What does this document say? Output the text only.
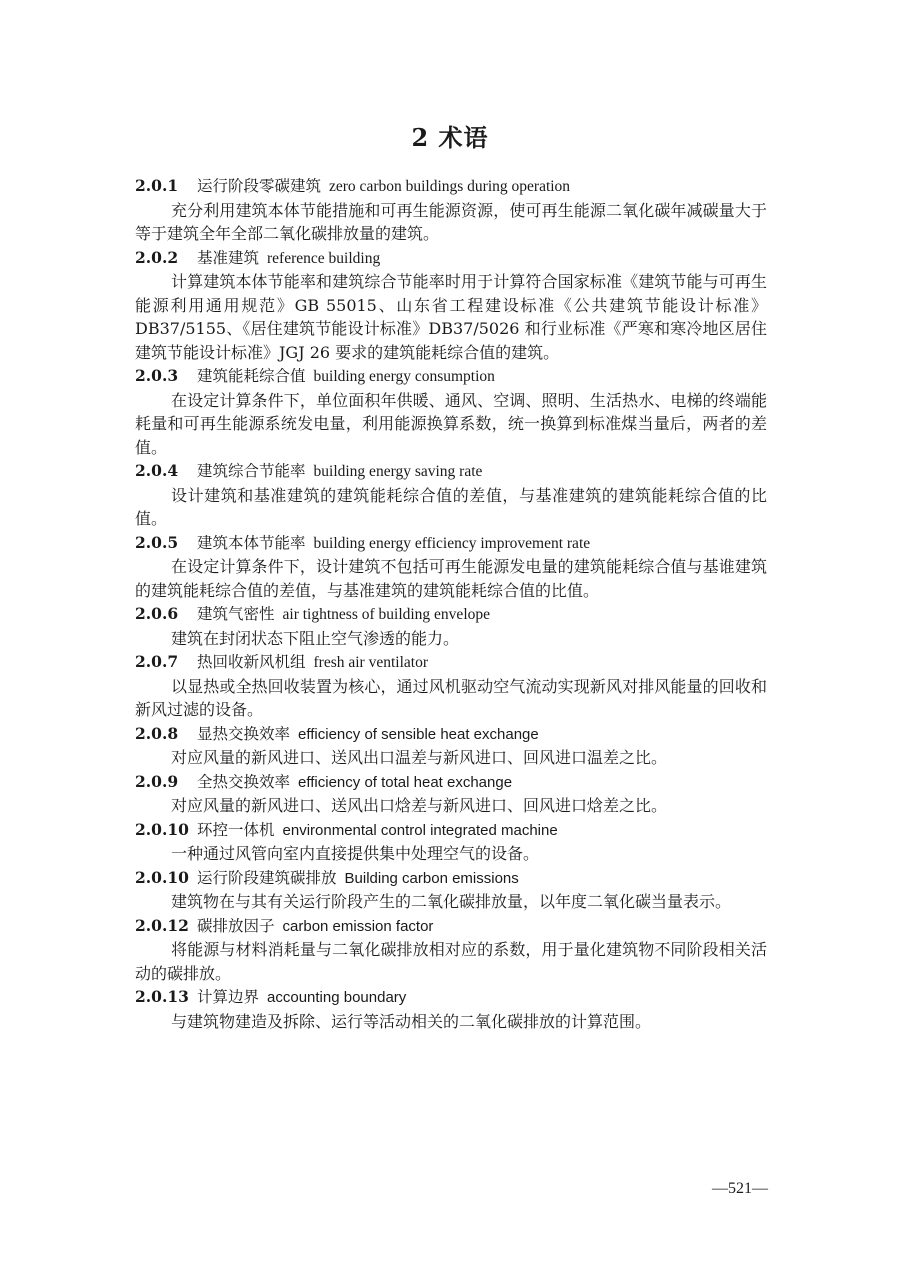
2 术语
2.0.1 运行阶段零碳建筑 zero carbon buildings during operation

充分利用建筑本体节能措施和可再生能源资源，使可再生能源二氧化碳年减碳量大于等于建筑全年全部二氧化碳排放量的建筑。

2.0.2 基准建筑 reference building

计算建筑本体节能率和建筑综合节能率时用于计算符合国家标准《建筑节能与可再生能源利用通用规范》GB 55015、山东省工程建设标准《公共建筑节能设计标准》DB37/5155、《居住建筑节能设计标准》DB37/5026 和行业标准《严寒和寒冷地区居住建筑节能设计标准》JGJ 26 要求的建筑能耗综合值的建筑。

2.0.3 建筑能耗综合值 building energy consumption

在设定计算条件下，单位面积年供暖、通风、空调、照明、生活热水、电梯的终端能耗量和可再生能源系统发电量，利用能源换算系数，统一换算到标准煤当量后，两者的差值。

2.0.4 建筑综合节能率 building energy saving rate

设计建筑和基准建筑的建筑能耗综合值的差值，与基准建筑的建筑能耗综合值的比值。

2.0.5 建筑本体节能率 building energy efficiency improvement rate

在设定计算条件下，设计建筑不包括可再生能源发电量的建筑能耗综合值与基谁建筑的建筑能耗综合值的差值，与基准建筑的建筑能耗综合值的比值。

2.0.6 建筑气密性 air tightness of building envelope

建筑在封闭状态下阻止空气渗透的能力。

2.0.7 热回收新风机组 fresh air ventilator

以显热或全热回收装置为核心，通过风机驱动空气流动实现新风对排风能量的回收和新风过滤的设备。

2.0.8 显热交换效率 efficiency of sensible heat exchange

对应风量的新风进口、送风出口温差与新风进口、回风进口温差之比。

2.0.9 全热交换效率 efficiency of total heat exchange

对应风量的新风进口、送风出口焓差与新风进口、回风进口焓差之比。

2.0.10 环控一体机 environmental control integrated machine

一种通过风管向室内直接提供集中处理空气的设备。

2.0.10 运行阶段建筑碳排放 Building carbon emissions

建筑物在与其有关运行阶段产生的二氧化碳排放量，以年度二氧化碳当量表示。

2.0.12 碳排放因子 carbon emission factor

将能源与材料消耗量与二氧化碳排放相对应的系数，用于量化建筑物不同阶段相关活动的碳排放。

2.0.13 计算边界 accounting boundary

与建筑物建造及拆除、运行等活动相关的二氧化碳排放的计算范围。

—521—
